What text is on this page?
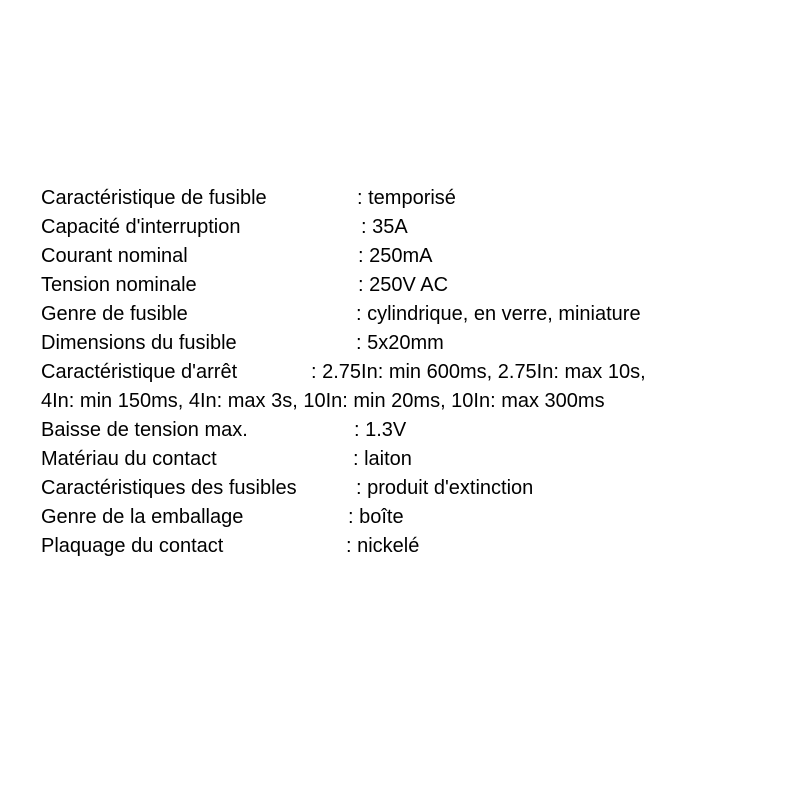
Caractéristique de fusible	: temporisé
Capacité d'interruption	: 35A
Courant nominal	: 250mA
Tension nominale	: 250V AC
Genre de fusible	: cylindrique, en verre, miniature
Dimensions du fusible	: 5x20mm
Caractéristique d'arrêt	: 2.75In: min 600ms, 2.75In: max 10s,
4In: min 150ms, 4In: max 3s, 10In: min 20ms, 10In: max 300ms
Baisse de tension max.	: 1.3V
Matériau du contact	: laiton
Caractéristiques des fusibles	: produit d'extinction
Genre de la emballage	: boîte
Plaquage du contact	: nickelé
